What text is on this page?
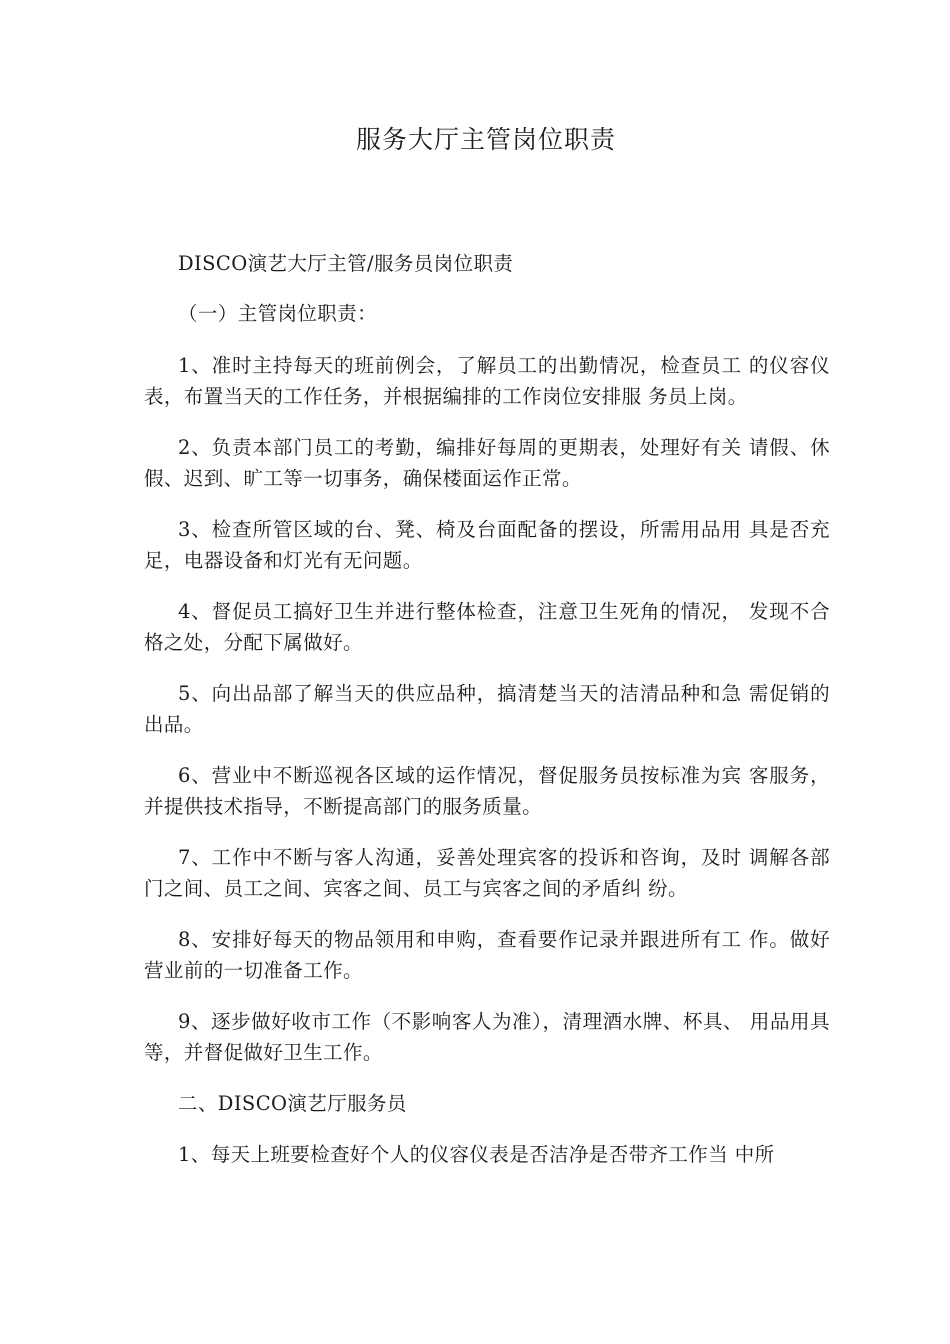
服务大厅主管岗位职责

DISCO演艺大厅主管/服务员岗位职责

（一）主管岗位职责：

1、准时主持每天的班前例会，了解员工的出勤情况，检查员工 的仪容仪表，布置当天的工作任务，并根据编排的工作岗位安排服 务员上岗。

2、负责本部门员工的考勤，编排好每周的更期表，处理好有关 请假、休假、迟到、旷工等一切事务，确保楼面运作正常。

3、检查所管区域的台、凳、椅及台面配备的摆设，所需用品用 具是否充足，电器设备和灯光有无问题。

4、督促员工搞好卫生并进行整体检查，注意卫生死角的情况， 发现不合格之处，分配下属做好。

5、向出品部了解当天的供应品种，搞清楚当天的洁清品种和急 需促销的出品。

6、营业中不断巡视各区域的运作情况，督促服务员按标准为宾 客服务，并提供技术指导，不断提高部门的服务质量。

7、工作中不断与客人沟通，妥善处理宾客的投诉和咨询，及时 调解各部门之间、员工之间、宾客之间、员工与宾客之间的矛盾纠 纷。

8、安排好每天的物品领用和申购，查看要作记录并跟进所有工 作。做好营业前的一切准备工作。

9、逐步做好收市工作（不影响客人为准），清理酒水牌、杯具、 用品用具等，并督促做好卫生工作。

二、DISCO演艺厅服务员

1、每天上班要检查好个人的仪容仪表是否洁净是否带齐工作当 中所
